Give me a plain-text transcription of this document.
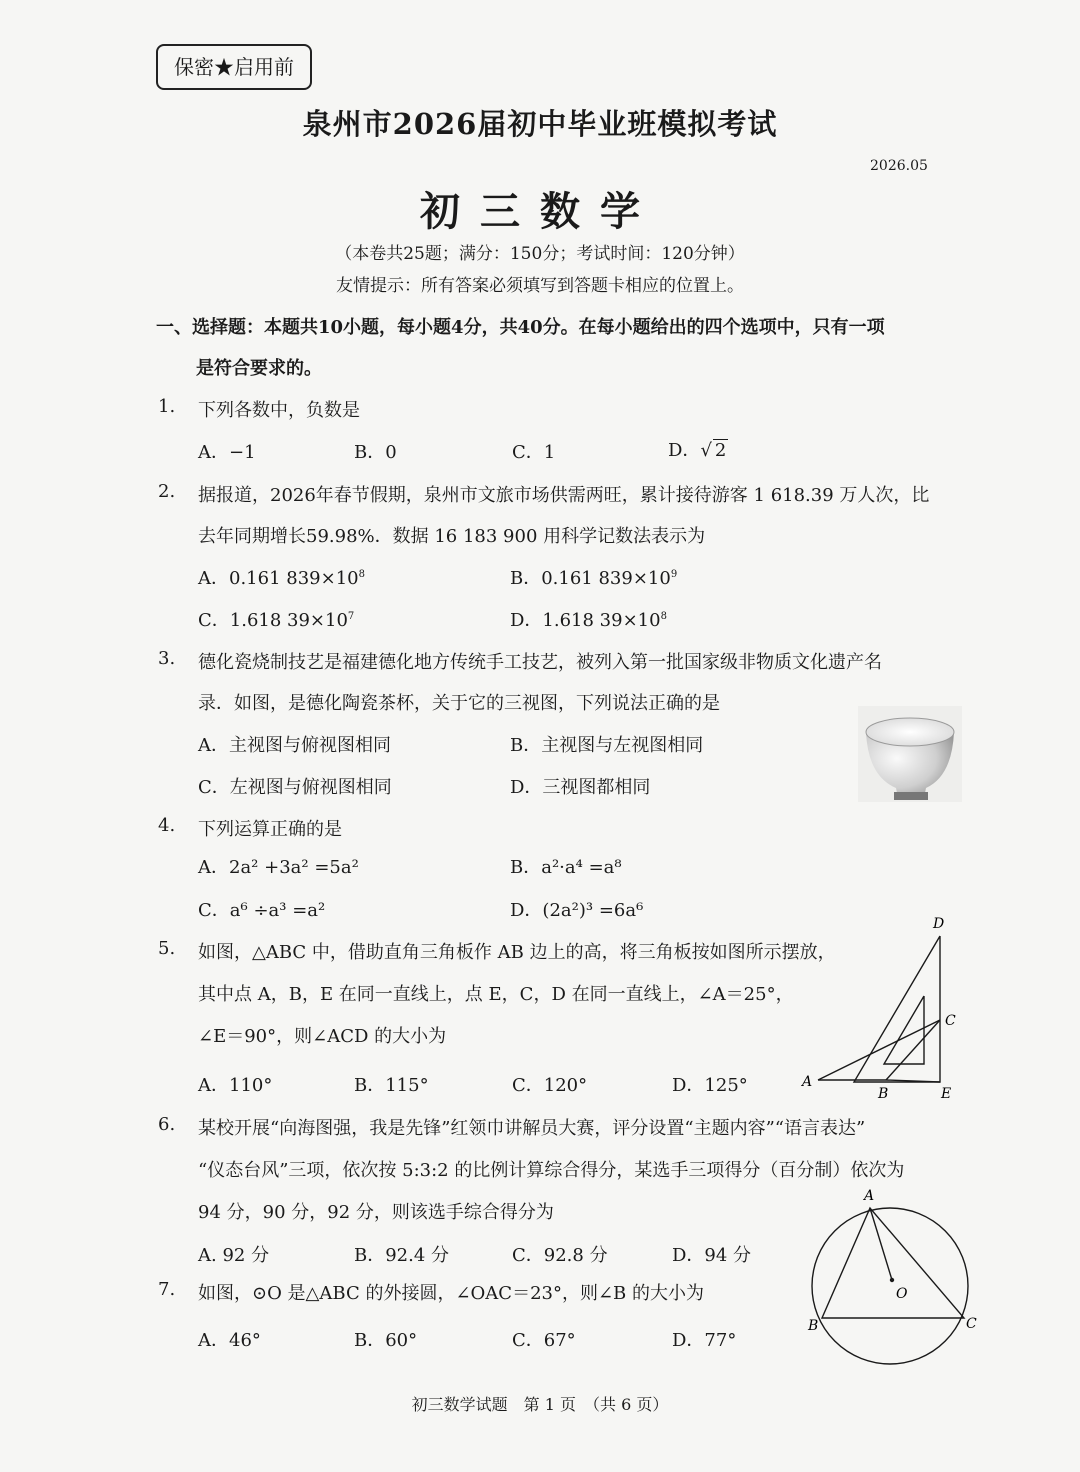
保密★启用前
泉州市2026届初中毕业班模拟考试
2026.05
初三数学
（本卷共25题；满分：150分；考试时间：120分钟）
友情提示：所有答案必须填写到答题卡相应的位置上。
一、选择题：本题共10小题，每小题4分，共40分。在每小题给出的四个选项中，只有一项
是符合要求的。
1. 下列各数中，负数是
A．−1	B．0	C．1	D．√ 2
2. 据报道，2026年春节假期，泉州市文旅市场供需两旺，累计接待游客 1 618.39 万人次，比
去年同期增长59.98%．数据 16 183 900 用科学记数法表示为
A．0.161 $839\times 10^8$	B．0.161 $839\times 10^9$
C．1.618 $39\times 10^7$	D．1.618 $39\times 10^8$
3. 德化瓷烧制技艺是福建德化地方传统手工技艺，被列入第一批国家级非物质文化遗产名
录．如图，是德化陶瓷茶杯，关于它的三视图，下列说法正确的是
A．主视图与俯视图相同	B．主视图与左视图相同
C．左视图与俯视图相同	D．三视图都相同
4. 下列运算正确的是
A．2a² +3a² =5a²	B．a²·a⁴ =a⁸
C．a⁶ ÷a³ =a²	D．(2a²)³ =6a⁶
5. 如图，△ABC 中，借助直角三角板作 AB 边上的高，将三角板按如图所示摆放，
其中点 A，B，E 在同一直线上，点 E，C，D 在同一直线上，∠A＝25°，
∠E＝90°，则∠ACD 的大小为
A．110°	B．115°	C．120°	D．125°
D
C
A
B	E
6. 某校开展“向海图强，我是先锋”红领巾讲解员大赛，评分设置“主题内容”“语言表达”
“仪态台风”三项，依次按 5:3:2 的比例计算综合得分，某选手三项得分（百分制）依次为
94 分，90 分，92 分，则该选手综合得分为
A. 92 分	B．92.4 分	C．92.8 分	D．94 分
7. 如图，⊙O 是△ABC 的外接圆，∠OAC＝23°，则∠B 的大小为
A．46°	B．60°	C．67°	D．77°
A
O
B	C
初三数学试题　第 1 页　（共 6 页）
